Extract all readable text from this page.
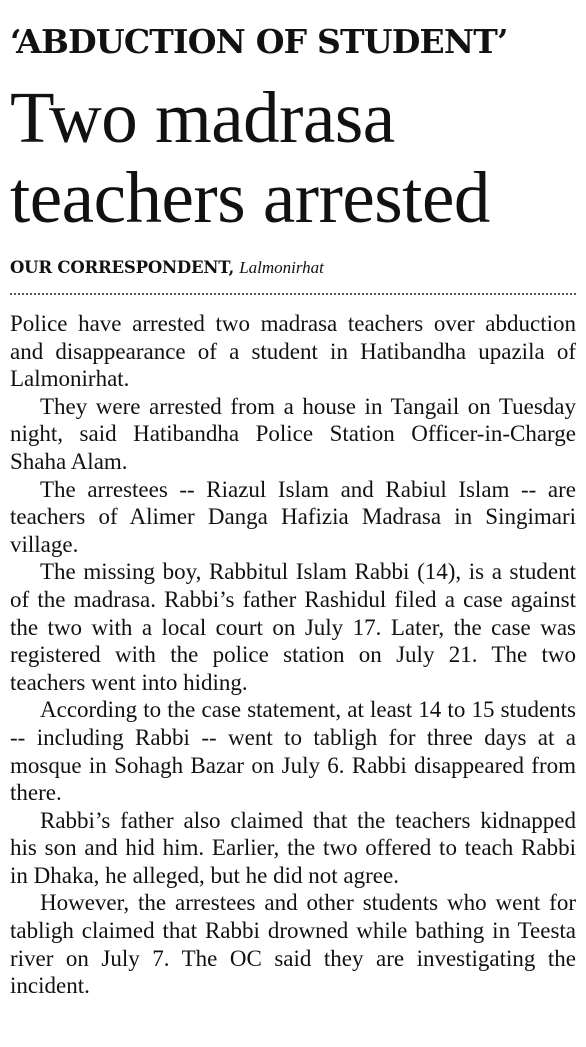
‘ABDUCTION OF STUDENT’
Two madrasa
teachers arrested

OUR CORRESPONDENT, Lalmonirhat

Police have arrested two madrasa teachers over abduction and disappearance of a student in Hatibandha upazila of Lalmonirhat.

They were arrested from a house in Tangail on Tuesday night, said Hatibandha Police Station Officer-in-Charge Shaha Alam.

The arrestees -- Riazul Islam and Rabiul Islam -- are teachers of Alimer Danga Hafizia Madrasa in Singimari village.

The missing boy, Rabbitul Islam Rabbi (14), is a student of the madrasa. Rabbi’s father Rashidul filed a case against the two with a local court on July 17. Later, the case was registered with the police station on July 21. The two teachers went into hiding.

According to the case statement, at least 14 to 15 students -- including Rabbi -- went to tabligh for three days at a mosque in Sohagh Bazar on July 6. Rabbi disappeared from there.

Rabbi’s father also claimed that the teachers kidnapped his son and hid him. Earlier, the two offered to teach Rabbi in Dhaka, he alleged, but he did not agree.

However, the arrestees and other students who went for tabligh claimed that Rabbi drowned while bathing in Teesta river on July 7. The OC said they are investigating the incident.
